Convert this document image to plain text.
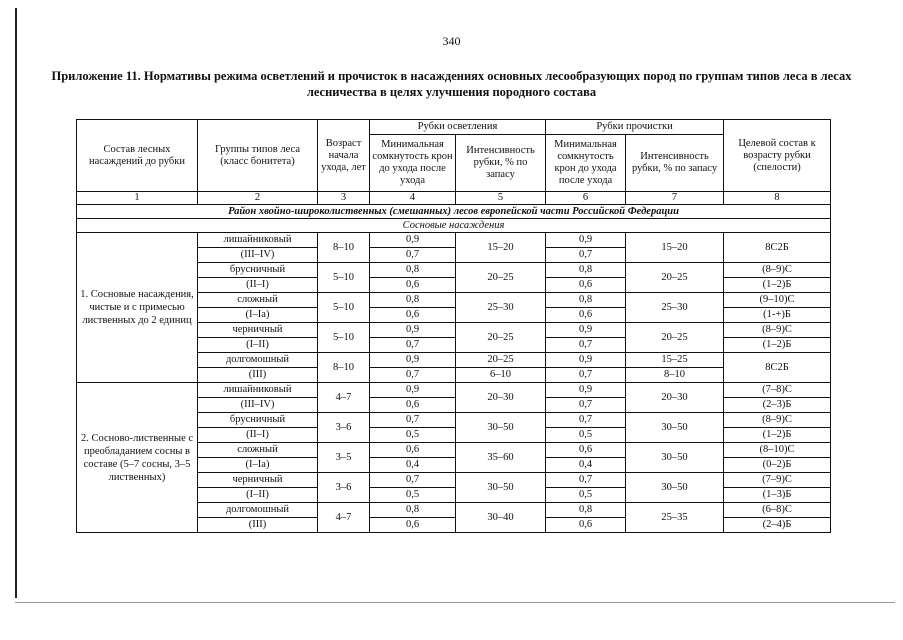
340
Приложение 11. Нормативы режима осветлений и прочисток в насаждениях основных лесообразующих пород по группам типов леса в лесах лесничества в целях улучшения породного состава
Состав лесных насаждений до рубки	Группы типов леса (класс бонитета)	Возраст начала ухода, лет	Рубки осветления		Рубки прочистки		Целевой состав к возрасту рубки (спелости)
			Минимальная сомкнутость крон до ухода после ухода	Интенсивность рубки, % по запасу	Минимальная сомкнутость крон до ухода после ухода	Интенсивность рубки, % по запасу	
1	2	3	4	5	6	7	8
Район хвойно-широколиственных (смешанных) лесов европейской части Российской Федерации							
Сосновые насаждения							
1. Сосновые насаждения, чистые и с примесью лиственных до 2 единиц	лишайниковый	8–10	0,9	15–20	0,9	15–20	8С2Б
	(III–IV)		0,7		0,7		
	брусничный	5–10	0,8	20–25	0,8	20–25	(8–9)С
	(II–I)		0,6		0,6		(1–2)Б
	сложный	5–10	0,8	25–30	0,8	25–30	(9–10)С
	(I–Ia)		0,6		0,6		(1-+)Б
	черничный	5–10	0,9	20–25	0,9	20–25	(8–9)С
	(I–II)		0,7		0,7		(1–2)Б
	долгомошный	8–10	0,9	20–25	0,9	15–25	8С2Б
	(III)		0,7	6–10	0,7	8–10	
2. Сосново-лиственные с преобладанием сосны в составе (5–7 сосны, 3–5 лиственных)	лишайниковый	4–7	0,9	20–30	0,9	20–30	(7–8)С
	(III–IV)		0,6		0,7		(2–3)Б
	брусничный	3–6	0,7	30–50	0,7	30–50	(8–9)С
	(II–I)		0,5		0,5		(1–2)Б
	сложный	3–5	0,6	35–60	0,6	30–50	(8–10)С
	(I–Ia)		0,4		0,4		(0–2)Б
	черничный	3–6	0,7	30–50	0,7	30–50	(7–9)С
	(I–II)		0,5		0,5		(1–3)Б
	долгомошный	4–7	0,8	30–40	0,8	25–35	(6–8)С
	(III)		0,6		0,6		(2–4)Б
